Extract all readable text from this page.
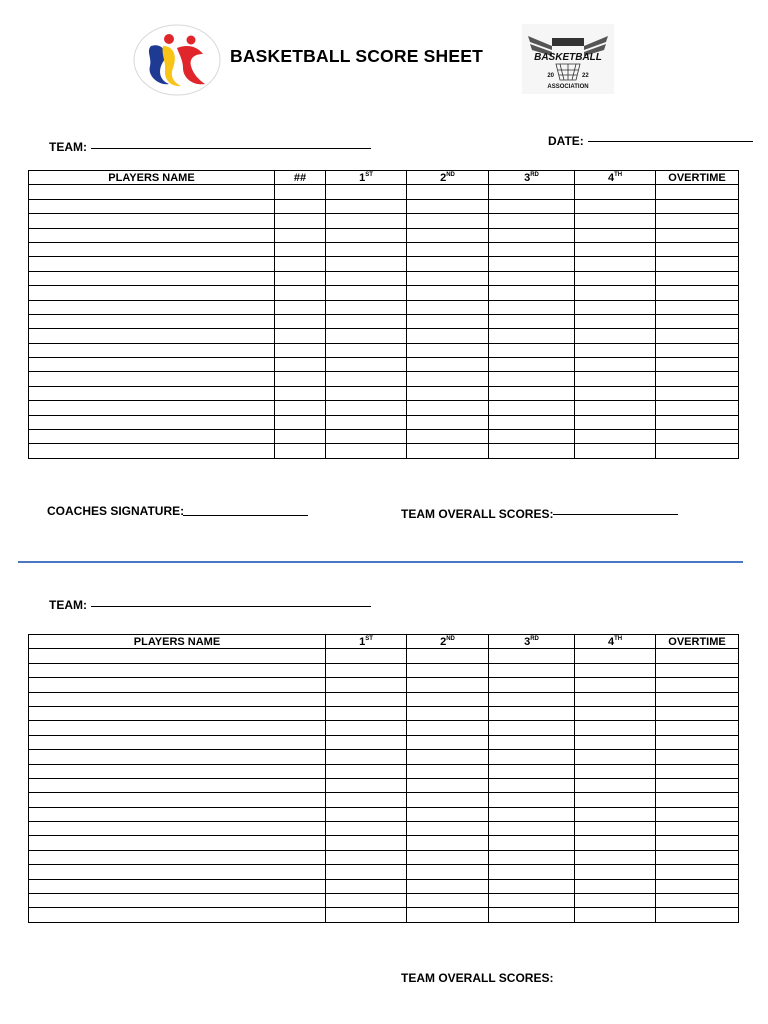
BASKETBALL SCORE SHEET	BASKETBALL
20	22
ASSOCIATION
TEAM:	DATE:
PLAYERS NAME	##	1ST	2ND	3RD	4TH	OVERTIME

COACHES SIGNATURE:	TEAM OVERALL SCORES:
TEAM:
PLAYERS NAME	1ST	2ND	3RD	4TH	OVERTIME

TEAM OVERALL SCORES:
